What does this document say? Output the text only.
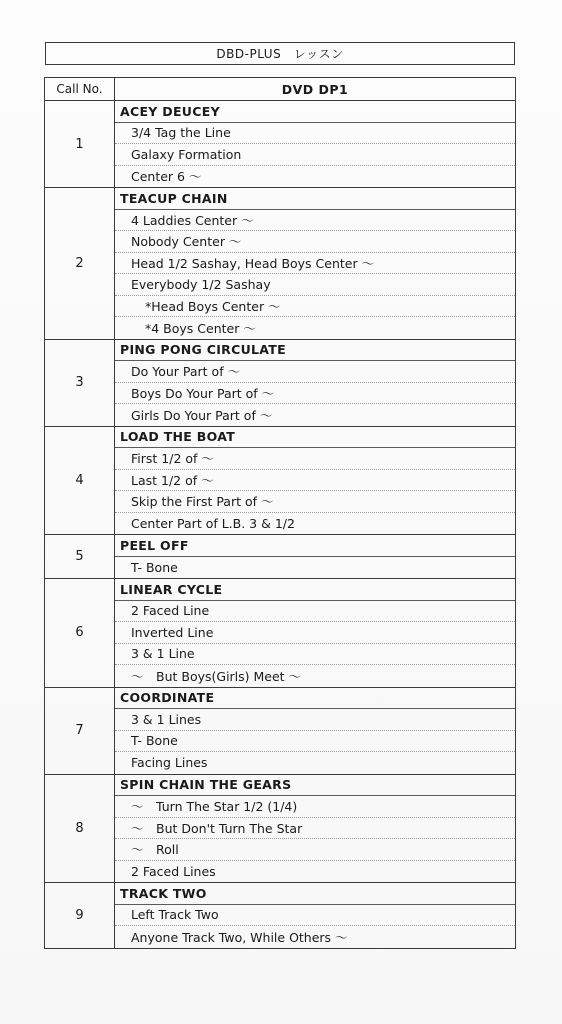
DBD-PLUS　レッスン
Call No.	DVD DP1
1
ACEY DEUCEY
3/4 Tag the Line
Galaxy Formation
Center 6 ～
2
TEACUP CHAIN
4 Laddies Center ～
Nobody Center ～
Head 1/2 Sashay, Head Boys Center ～
Everybody 1/2 Sashay
*Head Boys Center ～
*4 Boys Center ～
3
PING PONG CIRCULATE
Do Your Part of ～
Boys Do Your Part of ～
Girls Do Your Part of ～
4
LOAD THE BOAT
First 1/2 of ～
Last 1/2 of ～
Skip the First Part of ～
Center Part of L.B. 3 & 1/2
5
PEEL OFF
T- Bone
6
LINEAR CYCLE
2 Faced Line
Inverted Line
3 & 1 Line
～　But Boys(Girls) Meet ～
7
COORDINATE
3 & 1 Lines
T- Bone
Facing Lines
8
SPIN CHAIN THE GEARS
～　Turn The Star 1/2 (1/4)
～　But Don't Turn The Star
～　Roll
2 Faced Lines
9
TRACK TWO
Left Track Two
Anyone Track Two, While Others ～
